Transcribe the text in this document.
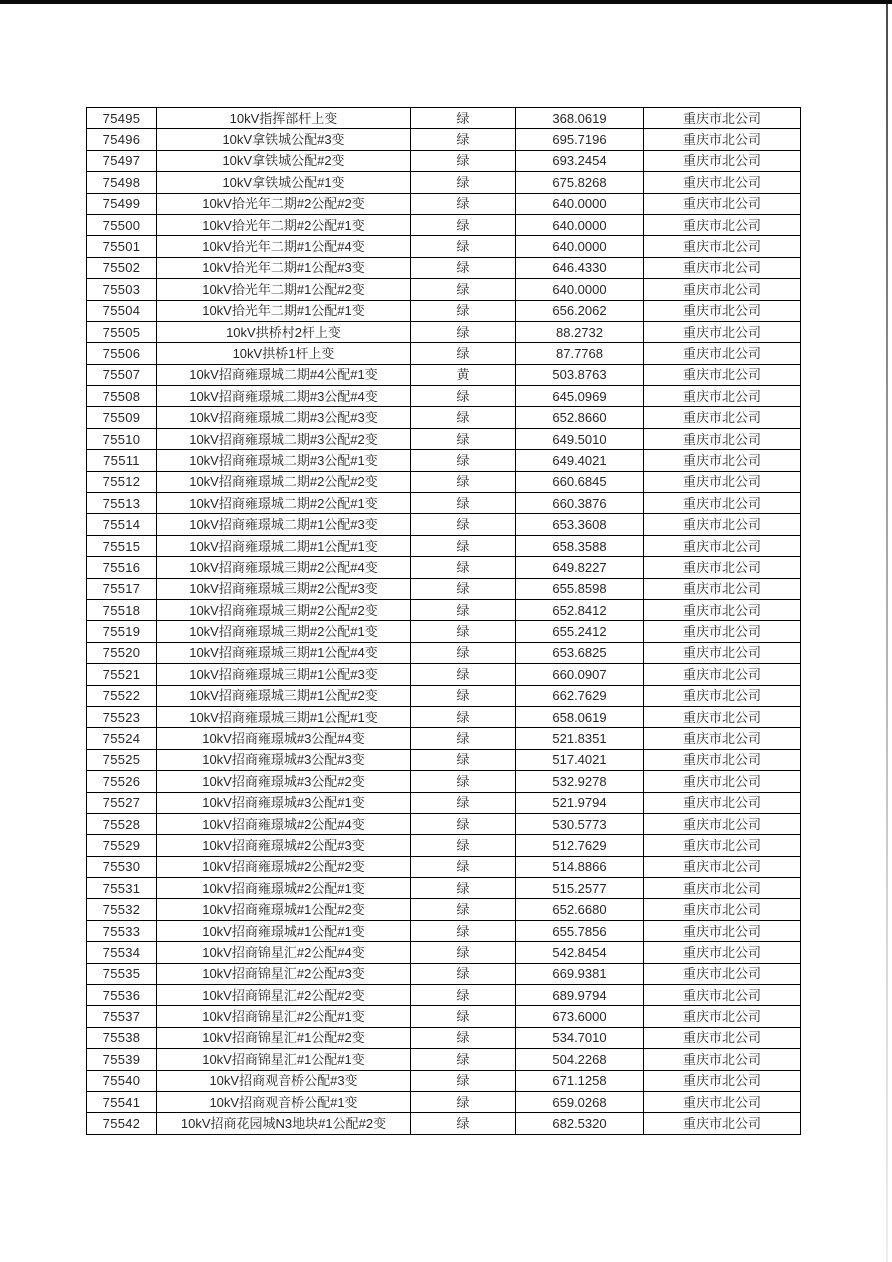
75495	10kV指挥部杆上变	绿	368.0619	重庆市北公司
75496	10kV拿铁城公配#3变	绿	695.7196	重庆市北公司
75497	10kV拿铁城公配#2变	绿	693.2454	重庆市北公司
75498	10kV拿铁城公配#1变	绿	675.8268	重庆市北公司
75499	10kV拾光年二期#2公配#2变	绿	640.0000	重庆市北公司
75500	10kV拾光年二期#2公配#1变	绿	640.0000	重庆市北公司
75501	10kV拾光年二期#1公配#4变	绿	640.0000	重庆市北公司
75502	10kV拾光年二期#1公配#3变	绿	646.4330	重庆市北公司
75503	10kV拾光年二期#1公配#2变	绿	640.0000	重庆市北公司
75504	10kV拾光年二期#1公配#1变	绿	656.2062	重庆市北公司
75505	10kV拱桥村2杆上变	绿	88.2732	重庆市北公司
75506	10kV拱桥1杆上变	绿	87.7768	重庆市北公司
75507	10kV招商雍璟城二期#4公配#1变	黄	503.8763	重庆市北公司
75508	10kV招商雍璟城二期#3公配#4变	绿	645.0969	重庆市北公司
75509	10kV招商雍璟城二期#3公配#3变	绿	652.8660	重庆市北公司
75510	10kV招商雍璟城二期#3公配#2变	绿	649.5010	重庆市北公司
75511	10kV招商雍璟城二期#3公配#1变	绿	649.4021	重庆市北公司
75512	10kV招商雍璟城二期#2公配#2变	绿	660.6845	重庆市北公司
75513	10kV招商雍璟城二期#2公配#1变	绿	660.3876	重庆市北公司
75514	10kV招商雍璟城二期#1公配#3变	绿	653.3608	重庆市北公司
75515	10kV招商雍璟城二期#1公配#1变	绿	658.3588	重庆市北公司
75516	10kV招商雍璟城三期#2公配#4变	绿	649.8227	重庆市北公司
75517	10kV招商雍璟城三期#2公配#3变	绿	655.8598	重庆市北公司
75518	10kV招商雍璟城三期#2公配#2变	绿	652.8412	重庆市北公司
75519	10kV招商雍璟城三期#2公配#1变	绿	655.2412	重庆市北公司
75520	10kV招商雍璟城三期#1公配#4变	绿	653.6825	重庆市北公司
75521	10kV招商雍璟城三期#1公配#3变	绿	660.0907	重庆市北公司
75522	10kV招商雍璟城三期#1公配#2变	绿	662.7629	重庆市北公司
75523	10kV招商雍璟城三期#1公配#1变	绿	658.0619	重庆市北公司
75524	10kV招商雍璟城#3公配#4变	绿	521.8351	重庆市北公司
75525	10kV招商雍璟城#3公配#3变	绿	517.4021	重庆市北公司
75526	10kV招商雍璟城#3公配#2变	绿	532.9278	重庆市北公司
75527	10kV招商雍璟城#3公配#1变	绿	521.9794	重庆市北公司
75528	10kV招商雍璟城#2公配#4变	绿	530.5773	重庆市北公司
75529	10kV招商雍璟城#2公配#3变	绿	512.7629	重庆市北公司
75530	10kV招商雍璟城#2公配#2变	绿	514.8866	重庆市北公司
75531	10kV招商雍璟城#2公配#1变	绿	515.2577	重庆市北公司
75532	10kV招商雍璟城#1公配#2变	绿	652.6680	重庆市北公司
75533	10kV招商雍璟城#1公配#1变	绿	655.7856	重庆市北公司
75534	10kV招商锦星汇#2公配#4变	绿	542.8454	重庆市北公司
75535	10kV招商锦星汇#2公配#3变	绿	669.9381	重庆市北公司
75536	10kV招商锦星汇#2公配#2变	绿	689.9794	重庆市北公司
75537	10kV招商锦星汇#2公配#1变	绿	673.6000	重庆市北公司
75538	10kV招商锦星汇#1公配#2变	绿	534.7010	重庆市北公司
75539	10kV招商锦星汇#1公配#1变	绿	504.2268	重庆市北公司
75540	10kV招商观音桥公配#3变	绿	671.1258	重庆市北公司
75541	10kV招商观音桥公配#1变	绿	659.0268	重庆市北公司
75542	10kV招商花园城N3地块#1公配#2变	绿	682.5320	重庆市北公司
